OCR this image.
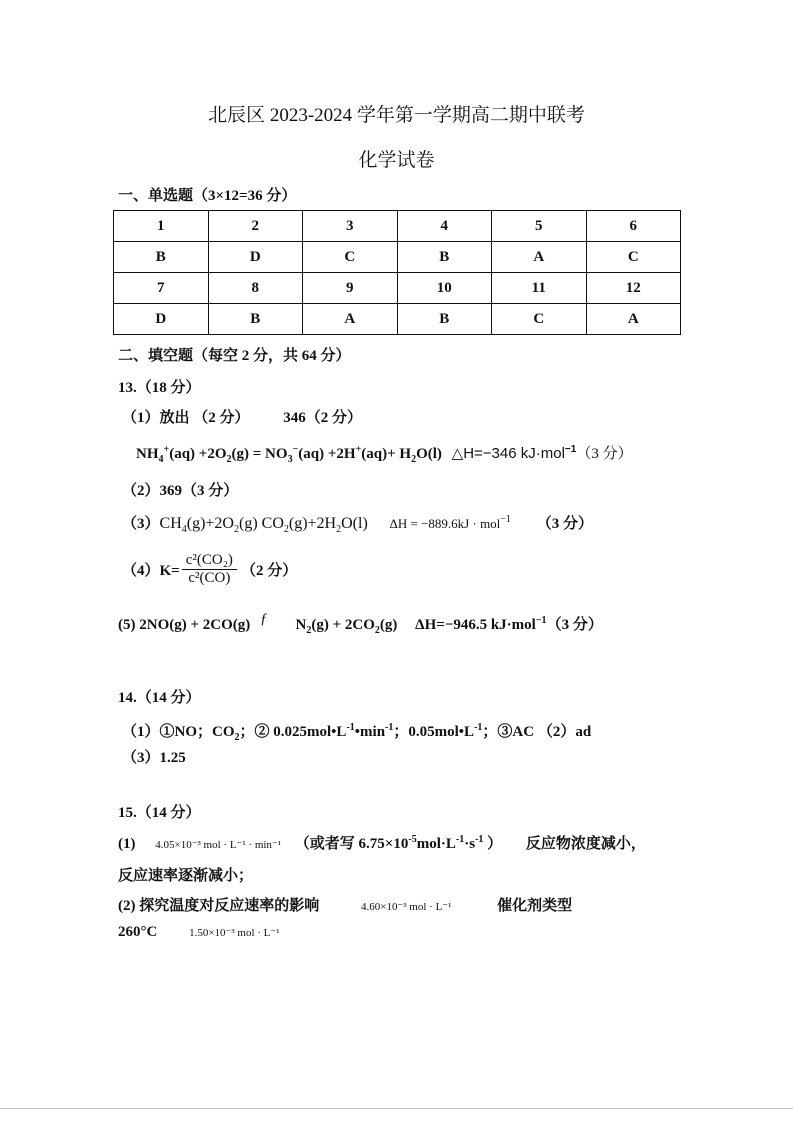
北辰区 2023-2024 学年第一学期高二期中联考
化学试卷
一、单选题（3×12=36 分）
1	2	3	4	5	6
B	D	C	B	A	C
7	8	9	10	11	12
D	B	A	B	C	A
二、填空题（每空 2 分，共 64 分）
13.（18 分）
（1）放出 （2 分） 346（2 分）
$NH_4^+(aq) +2O_2(g) = NO_3^-(aq) +2H^+(aq)+ H_2O(l)$ △H=−346 kJ·mol$^{-1}$（3 分）
（2）369（3 分）
$(3)CH_4(g)+2O_2(g)$ $CO_2(g)+2H_2O(l) \Delta H = -889.6kJ \cdot mol^{-1}$ （3 分）
$(4)K= \frac{\text{c²(CO₂)}}{\text{c²(CO)}} (2$ 分）
(5) 2NO(g) + 2CO(g) ƒ $N_2(g) + 2CO_2(g)$ ΔH=−946.5 kJ·mol$^{-1}$（3 分）
14.（14 分）
（1）①NO；$CO_2$；② $0.025mol•L^{-1}•\min^{-1}$；$0.05mol•L^{-1}$；③AC （2）ad
（3）1.25
15.（14 分）
(1) 4.05×10⁻³ mol · L⁻¹ · min⁻¹ （或者写 $6.75\times 10^{-5}mol\cdot L^{-1}\cdot s^{-1}$ ） 反应物浓度减小，
反应速率逐渐减小；
(2) 探究温度对反应速率的影响	4.60×10⁻³ mol · L⁻¹	催化剂类型
260°C	1.50×10⁻³ mol · L⁻¹
